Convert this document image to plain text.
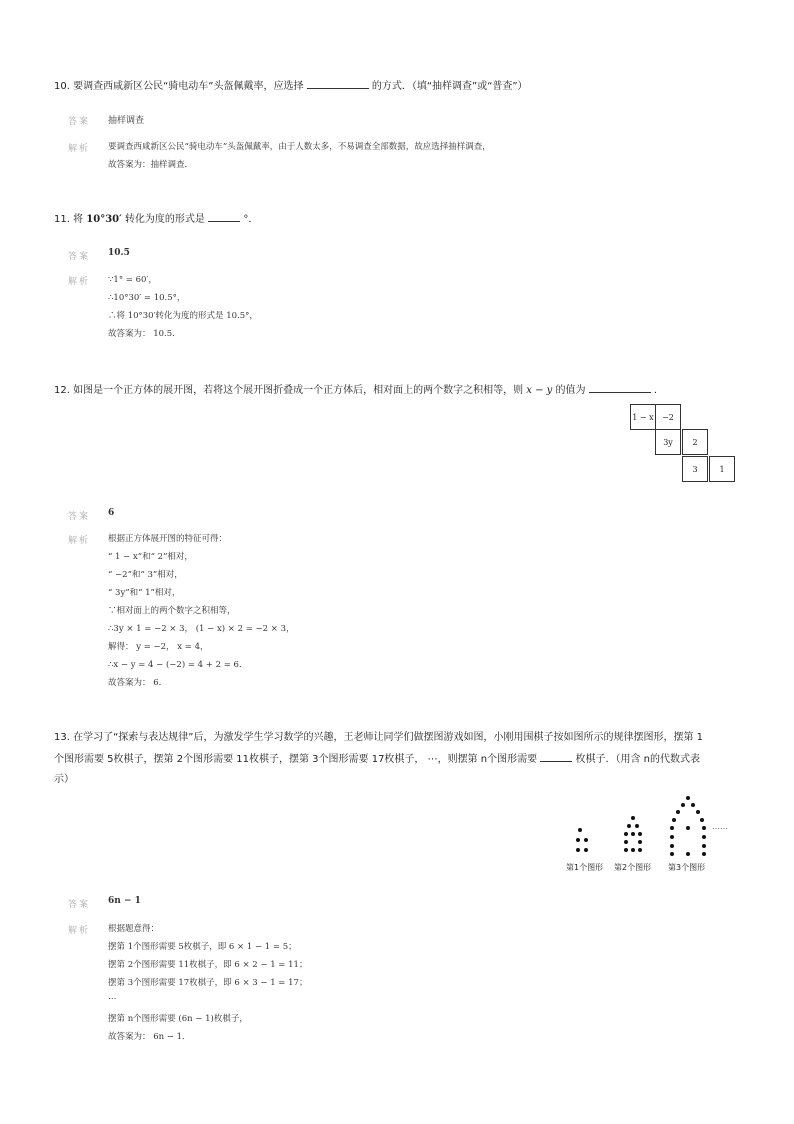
10. 要调查西咸新区公民“骑电动车”头盔佩戴率，应选择	的方式．（填“抽样调查”或“普查”）
答案 抽样调查
解析 要调查西咸新区公民“骑电动车”头盔佩戴率，由于人数太多，不易调查全部数据，故应选择抽样调查，
故答案为：抽样调查．
11. 将 10°30′ 转化为度的形式是	°．
答案 10.5
解析 ∵1° = 60′，
∴10°30′ = 10.5°，
∴将 10°30′转化为度的形式是 10.5°，
故答案为： 10.5．
12. 如图是一个正方体的展开图，若将这个展开图折叠成一个正方体后，相对面上的两个数字之积相等，则 x − y 的值为	．
1 − x	−2
3y	2
3	1
答案 6
解析 根据正方体展开图的特征可得：
“ 1 − x”和“ 2”相对，
“ −2”和“ 3”相对，
“ 3y”和“ 1”相对，
∵相对面上的两个数字之积相等，
∴3y × 1 = −2 × 3， (1 − x) × 2 = −2 × 3，
解得： y = −2， x = 4，
∴x − y = 4 − (−2) = 4 + 2 = 6．
故答案为： 6．
13. 在学习了“探索与表达规律”后，为激发学生学习数学的兴趣，王老师让同学们做摆图游戏如图，小刚用围棋子按如图所示的规律摆图形，摆第 1
个图形需要 5枚棋子，摆第 2个图形需要 11枚棋子，摆第 3个图形需要 17枚棋子， ⋯，则摆第 n个图形需要	枚棋子．（用含 n的代数式表
示）
……
第1个图形 第2个图形 第3个图形
答案 6n − 1
解析 根据题意得：
摆第 1个图形需要 5枚棋子，即 6 × 1 − 1 = 5；
摆第 2个图形需要 11枚棋子，即 6 × 2 − 1 = 11；
摆第 3个图形需要 17枚棋子，即 6 × 3 − 1 = 17；
⋯
摆第 n个图形需要 (6n − 1)枚棋子，
故答案为： 6n − 1．
